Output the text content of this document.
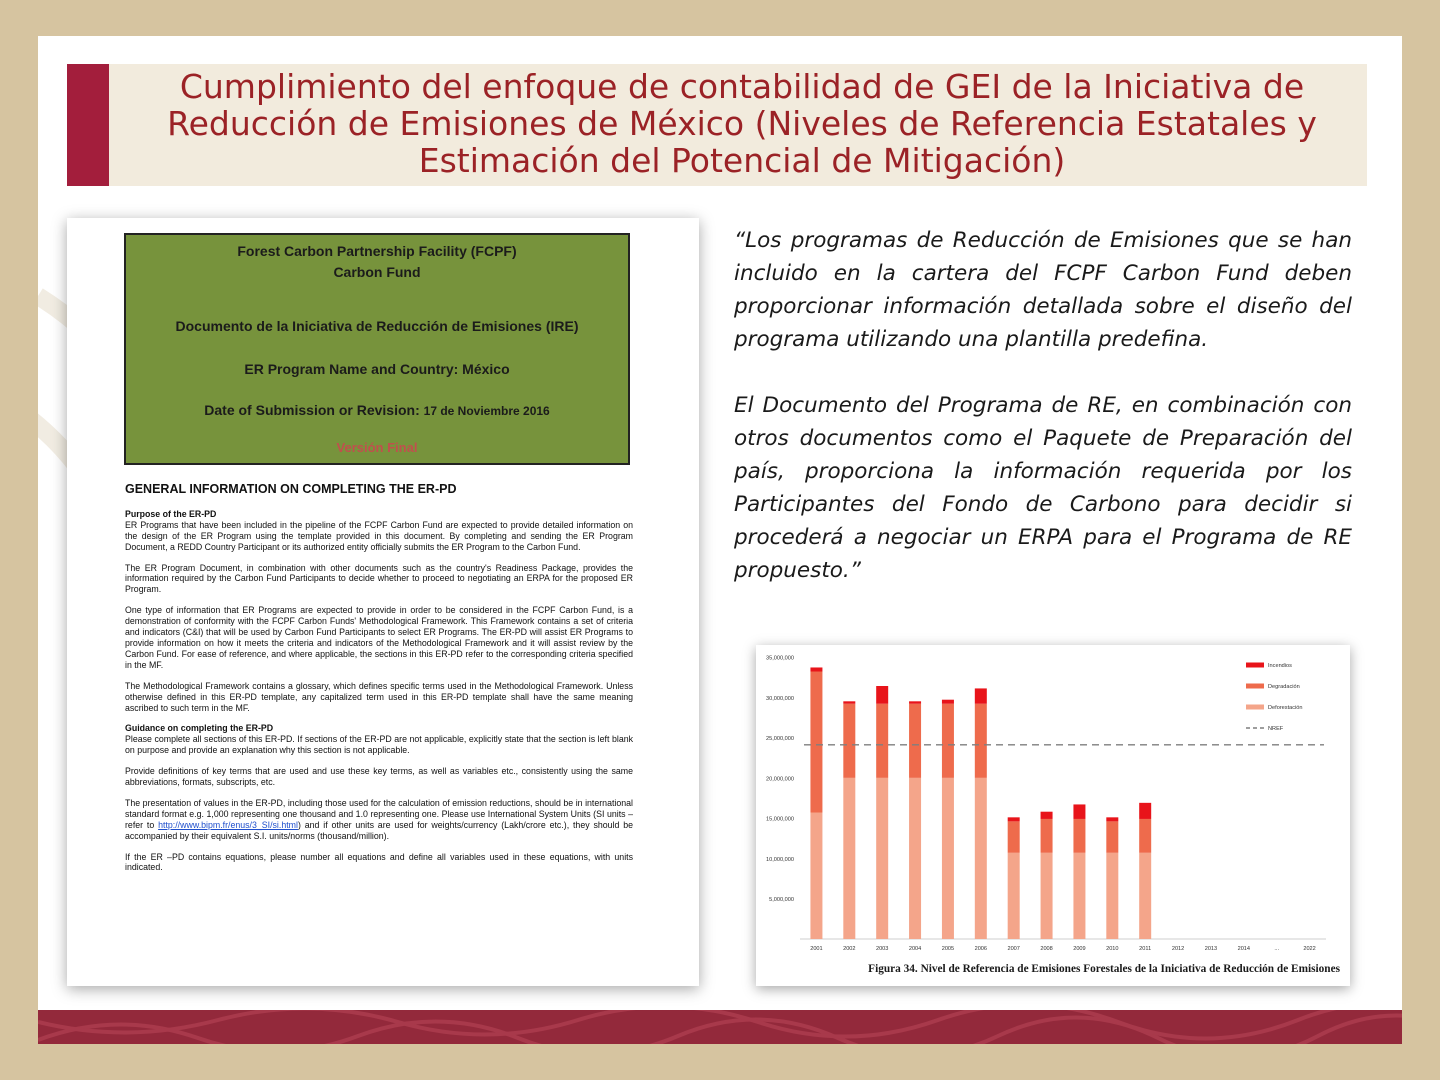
Cumplimiento del enfoque de contabilidad de GEI de la Iniciativa de
Reducción de Emisiones de México (Niveles de Referencia Estatales y
Estimación del Potencial de Mitigación)
Forest Carbon Partnership Facility (FCPF)
Carbon Fund
Documento de la Iniciativa de Reducción de Emisiones (IRE)
ER Program Name and Country: México
Date of Submission or Revision: 17 de Noviembre 2016
Versión Final
GENERAL INFORMATION ON COMPLETING THE ER-PD
Purpose of the ER-PD

ER Programs that have been included in the pipeline of the FCPF Carbon Fund are expected to provide detailed information on the design of the ER Program using the template provided in this document. By completing and sending the ER Program Document, a REDD Country Participant or its authorized entity officially submits the ER Program to the Carbon Fund.

The ER Program Document, in combination with other documents such as the country's Readiness Package, provides the information required by the Carbon Fund Participants to decide whether to proceed to negotiating an ERPA for the proposed ER Program.

One type of information that ER Programs are expected to provide in order to be considered in the FCPF Carbon Fund, is a demonstration of conformity with the FCPF Carbon Funds' Methodological Framework. This Framework contains a set of criteria and indicators (C&I) that will be used by Carbon Fund Participants to select ER Programs. The ER-PD will assist ER Programs to provide information on how it meets the criteria and indicators of the Methodological Framework and it will assist review by the Carbon Fund. For ease of reference, and where applicable, the sections in this ER-PD refer to the corresponding criteria specified in the MF.

The Methodological Framework contains a glossary, which defines specific terms used in the Methodological Framework. Unless otherwise defined in this ER-PD template, any capitalized term used in this ER-PD template shall have the same meaning ascribed to such term in the MF.

Guidance on completing the ER-PD

Please complete all sections of this ER-PD. If sections of the ER-PD are not applicable, explicitly state that the section is left blank on purpose and provide an explanation why this section is not applicable.

Provide definitions of key terms that are used and use these key terms, as well as variables etc., consistently using the same abbreviations, formats, subscripts, etc.

The presentation of values in the ER-PD, including those used for the calculation of emission reductions, should be in international standard format e.g. 1,000 representing one thousand and 1.0 representing one. Please use International System Units (SI units – refer to http://www.bipm.fr/enus/3_SI/si.html) and if other units are used for weights/currency (Lakh/crore etc.), they should be accompanied by their equivalent S.I. units/norms (thousand/million).

If the ER –PD contains equations, please number all equations and define all variables used in these equations, with units indicated.

“Los programas de Reducción de Emisiones que se han incluido en la cartera del FCPF Carbon Fund deben proporcionar información detallada sobre el diseño del programa utilizando una plantilla predefina.

El Documento del Programa de RE, en combinación con otros documentos como el Paquete de Preparación del país, proporciona la información requerida por los Participantes del Fondo de Carbono para decidir si procederá a negociar un ERPA para el Programa de RE propuesto.”

5,000,000
10,000,000
15,000,000
20,000,000
25,000,000
30,000,000
35,000,000
2001	2002	2003	2004	2005	2006	2007	2008	2009	2010	2011	2012	2013	2014	...	2022
Incendios
Degradación
Deforestación
NREF
Figura 34. Nivel de Referencia de Emisiones Forestales de la Iniciativa de Reducción de Emisiones
